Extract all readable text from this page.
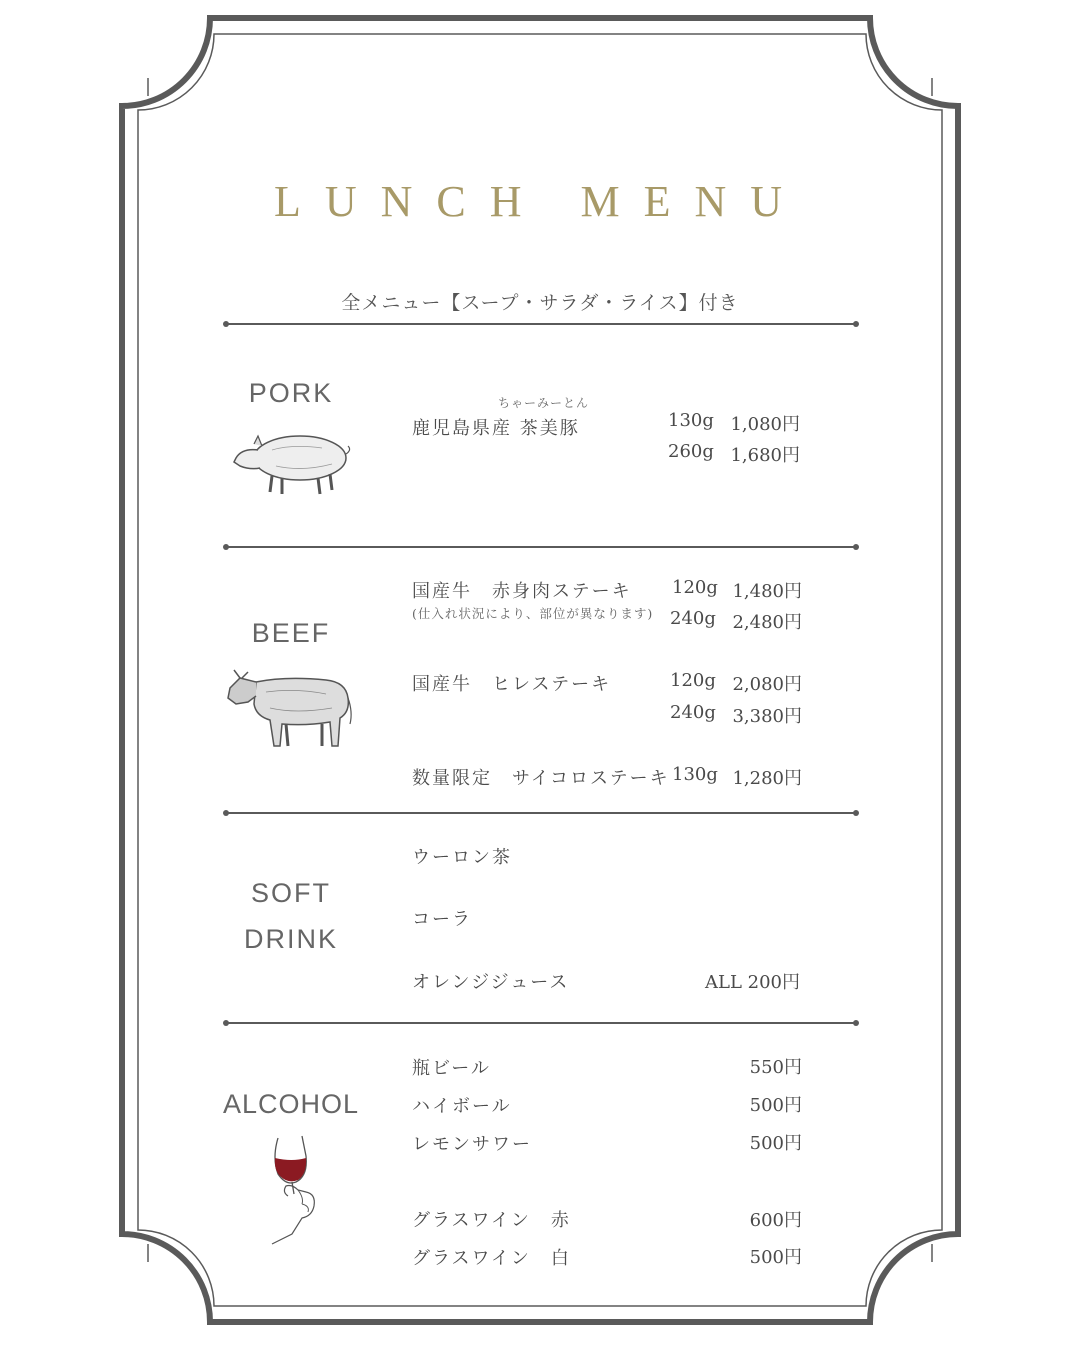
LUNCH MENU
全メニュー【スープ・サラダ・ライス】付き
PORK	ちゃーみーとん
鹿児島県産 茶美豚	130g 1,080円
260g 1,680円
BEEF
国産牛　赤身肉ステーキ
(仕入れ状況により、部位が異なります)
120g 1,480円
240g 2,480円
国産牛　ヒレステーキ	120g 2,080円
240g 3,380円
数量限定　サイコロステーキ 130g 1,280円
SOFT
DRINK
ウーロン茶
コーラ
オレンジジュース	ALL 200円
ALCOHOL
瓶ビール	550円
ハイボール	500円
レモンサワー	500円
グラスワイン　赤	600円
グラスワイン　白	500円
